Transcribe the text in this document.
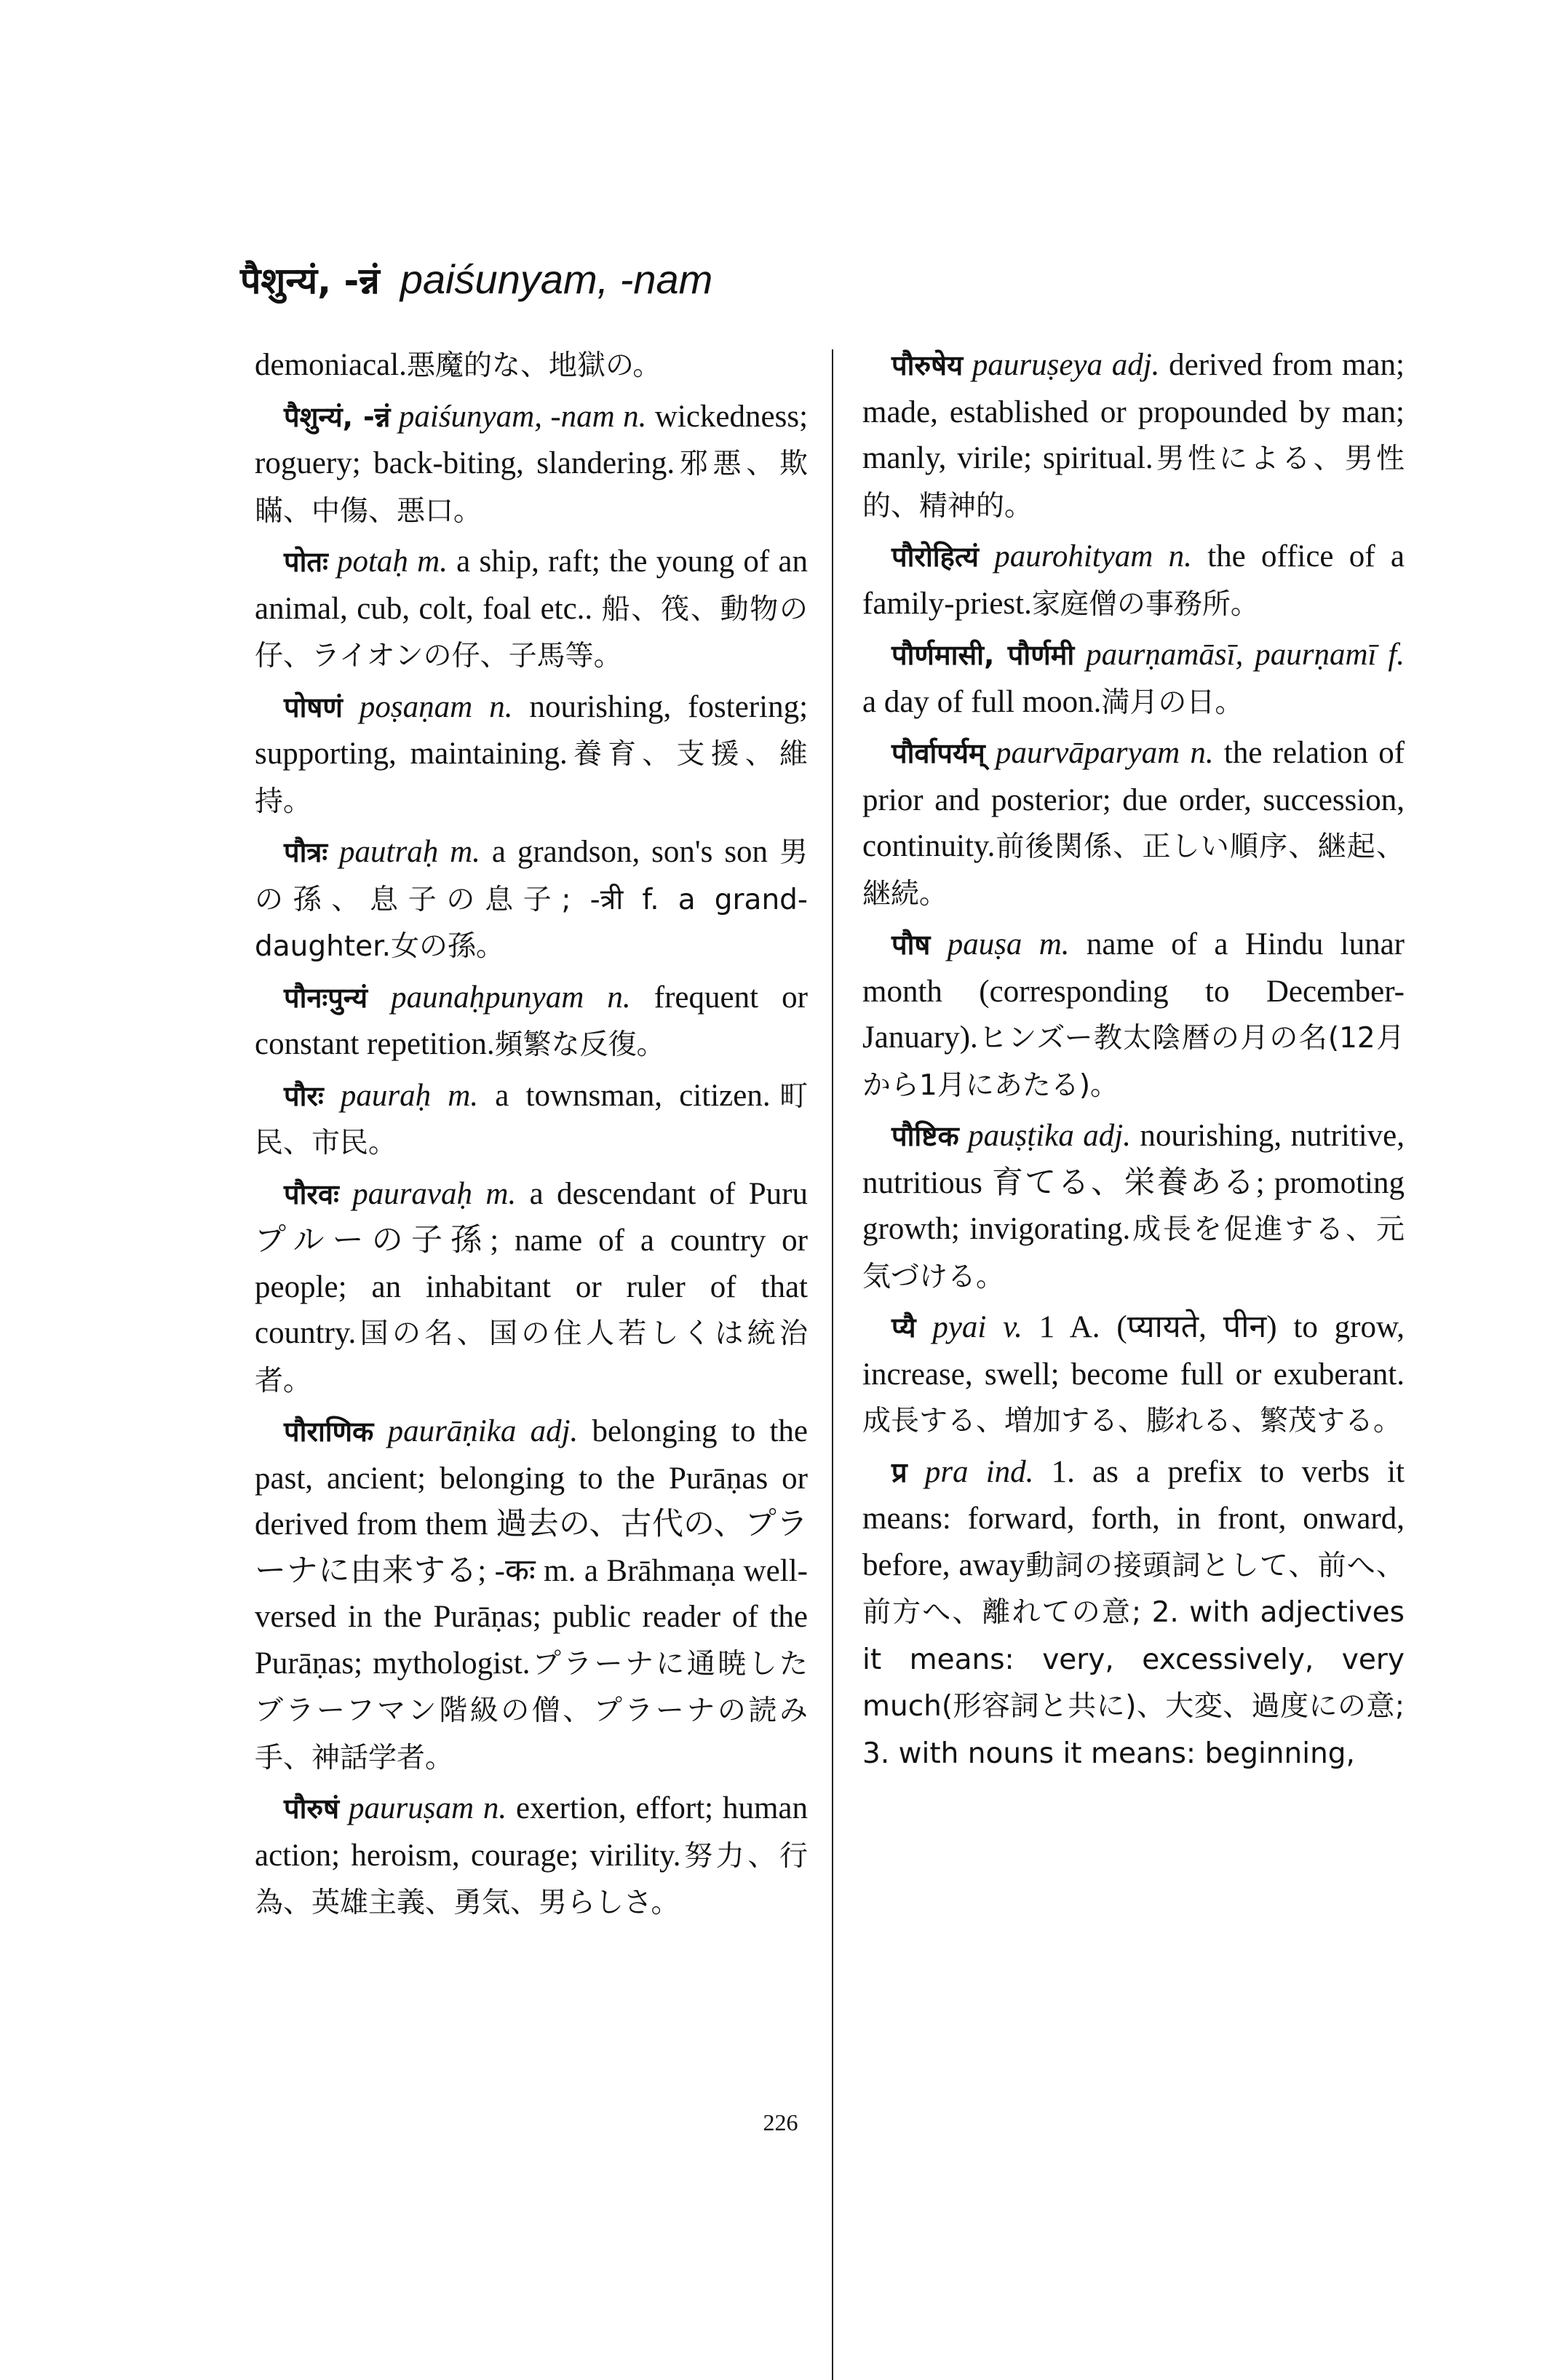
पैशुन्यं, -न्नं paiśunyam, -nam

demoniacal.悪魔的な、地獄の。

पैशुन्यं, -न्नं paiśunyam, -nam n. wickedness; roguery; back-biting, slandering.邪悪、欺瞞、中傷、悪口。

पोतः potaḥ m. a ship, raft; the young of an animal, cub, colt, foal etc.. 船、筏、動物の仔、ライオンの仔、子馬等。

पोषणं poṣaṇam n. nourishing, fostering; supporting, maintaining.養育、支援、維持。

पौत्रः pautraḥ m. a grandson, son's son 男の孫、息子の息子; -त्री f. a grand-daughter.女の孫。

पौनःपुन्यं paunaḥpunyam n. frequent or constant repetition.頻繁な反復。

पौरः pauraḥ m. a townsman, citizen.町民、市民。

पौरवः pauravaḥ m. a descendant of Puru プルーの子孫; name of a country or people; an inhabitant or ruler of that country.国の名、国の住人若しくは統治者。

पौराणिक paurāṇika adj. belonging to the past, ancient; belonging to the Purāṇas or derived from them 過去の、古代の、プラーナに由来する; -कः m. a Brāhmaṇa well-versed in the Purāṇas; public reader of the Purāṇas; mythologist.プラーナに通暁したブラーフマン階級の僧、プラーナの読み手、神話学者。

पौरुषं pauruṣam n. exertion, effort; human action; heroism, courage; virility.努力、行為、英雄主義、勇気、男らしさ。

पौरुषेय pauruṣeya adj. derived from man; made, established or propounded by man; manly, virile; spiritual.男性による、男性的、精神的。

पौरोहित्यं paurohityam n. the office of a family-priest.家庭僧の事務所。

पौर्णमासी, पौर्णमी paurṇamāsī, paurṇamī f. a day of full moon.満月の日。

पौर्वापर्यम् paurvāparyam n. the relation of prior and posterior; due order, succession, continuity.前後関係、正しい順序、継起、継続。

पौष pauṣa m. name of a Hindu lunar month (corresponding to December-January).ヒンズー教太陰暦の月の名(12月から1月にあたる)。

पौष्टिक pauṣṭika adj. nourishing, nutritive, nutritious 育てる、栄養ある; promoting growth; invigorating.成長を促進する、元気づける。

प्यै pyai v. 1 A. (प्यायते, पीन) to grow, increase, swell; become full or exuberant.成長する、増加する、膨れる、繁茂する。

प्र pra ind. 1. as a prefix to verbs it means: forward, forth, in front, onward, before, away動詞の接頭詞として、前へ、前方へ、離れての意; 2. with adjectives it means: very, excessively, very much(形容詞と共に)、大変、過度にの意; 3. with nouns it means: beginning,

226
